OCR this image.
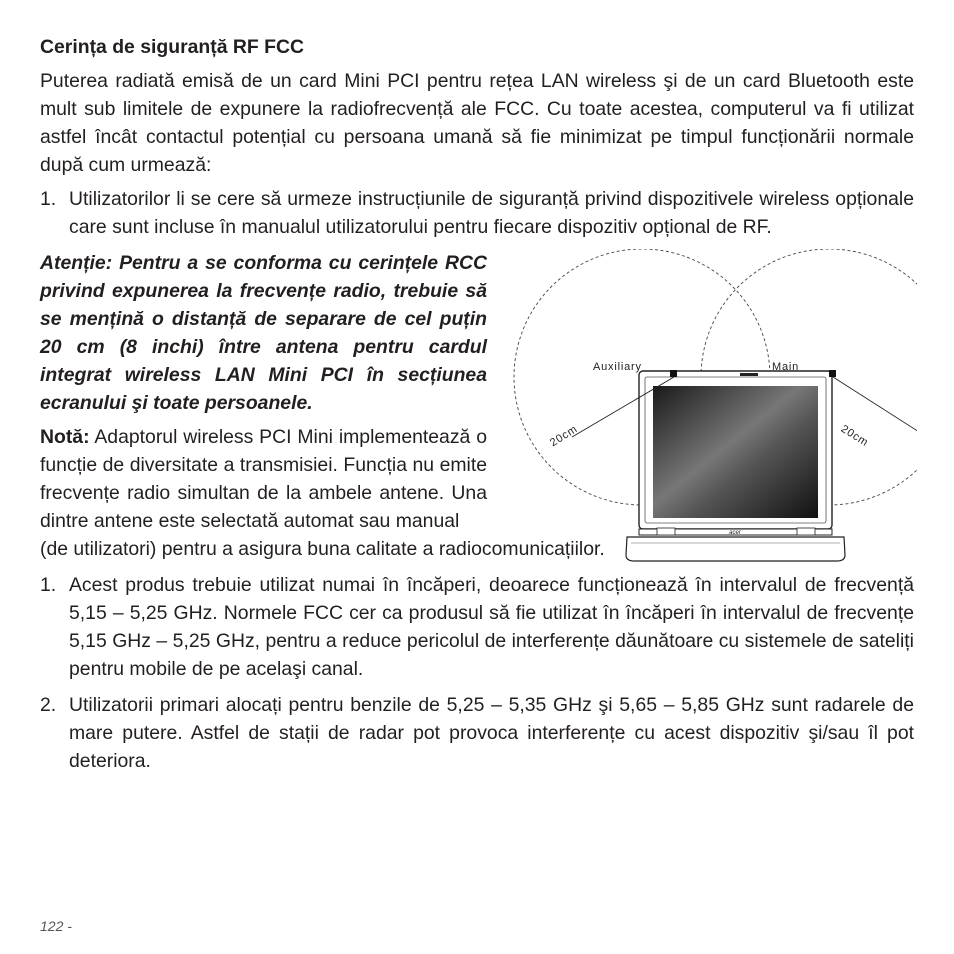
Cerința de siguranță RF FCC

Puterea radiată emisă de un card Mini PCI pentru rețea LAN wireless şi de un card Bluetooth este mult sub limitele de expunere la radiofrecvență ale FCC. Cu toate acestea, computerul va fi utilizat astfel încât contactul potențial cu persoana umană să fie minimizat pe timpul funcționării normale după cum urmează:

1. Utilizatorilor li se cere să urmeze instrucțiunile de siguranță privind dispozitivele wireless opționale care sunt incluse în manualul utilizatorului pentru fiecare dispozitiv opțional de RF.

Atenție: Pentru a se conforma cu cerințele RCC privind expunerea la frecvențe radio, trebuie să se mențină o distanță de separare de cel puțin 20 cm (8 inchi) între antena pentru cardul integrat wireless LAN Mini PCI în secțiunea ecranului şi toate persoanele.

Notă: Adaptorul wireless PCI Mini implementează o funcție de diversitate a transmisiei. Funcția nu emite frecvențe radio simultan de la ambele antene. Una dintre antene este selectată automat sau manual

acer
Auxiliary	Main
20cm	20cm

(de utilizatori) pentru a asigura buna calitate a radiocomunicațiilor.

1. Acest produs trebuie utilizat numai în încăperi, deoarece funcționează în intervalul de frecvență 5,15 – 5,25 GHz. Normele FCC cer ca produsul să fie utilizat în încăperi în intervalul de frecvențe 5,15 GHz – 5,25 GHz, pentru a reduce pericolul de interferențe dăunătoare cu sistemele de sateliți pentru mobile de pe acelaşi canal.
2. Utilizatorii primari alocați pentru benzile de 5,25 – 5,35 GHz şi 5,65 – 5,85 GHz sunt radarele de mare putere. Astfel de stații de radar pot provoca interferențe cu acest dispozitiv şi/sau îl pot deteriora.
122 -
